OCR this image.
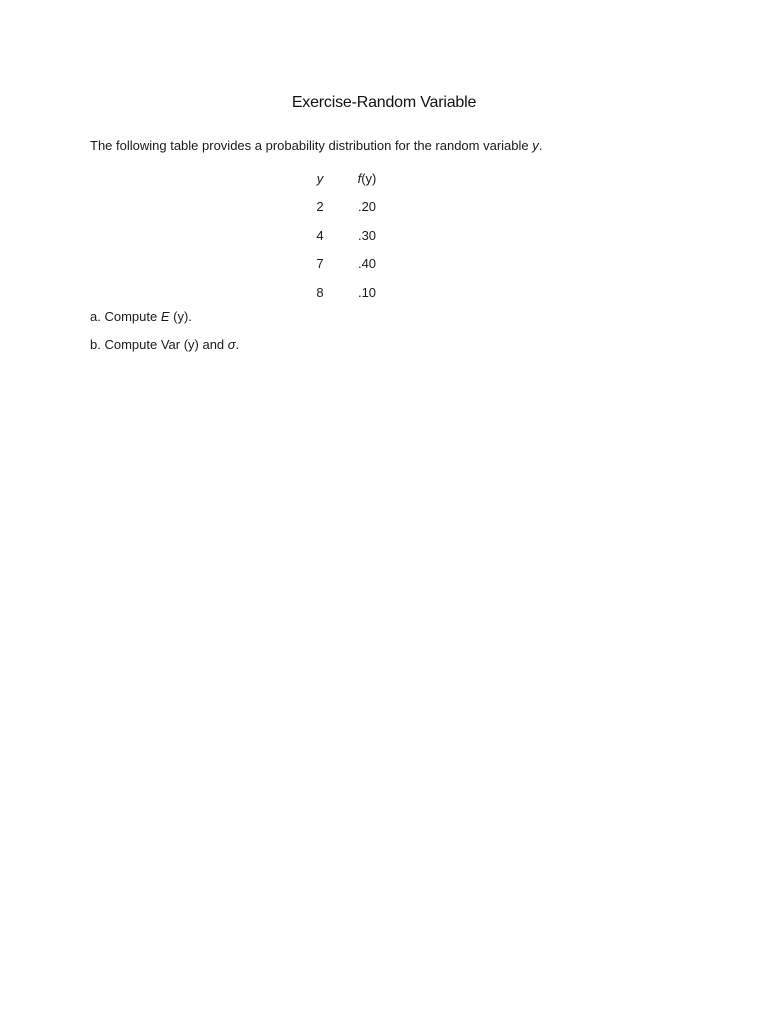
Exercise-Random Variable

The following table provides a probability distribution for the random variable y.

y	f(y)
2	.20
4	.30
7	.40
8	.10

a. Compute E (y).

b. Compute Var (y) and σ.
